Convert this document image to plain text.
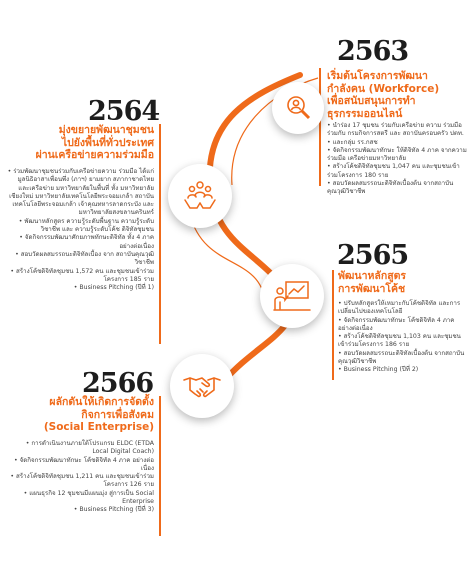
2563
เริ่มต้นโครงการพัฒนา
กำลังคน (Workforce)
เพื่อสนับสนุนการทำ
ธุรกรรมออนไลน์
• นำร่อง 17 ชุมชน ร่วมกับเครือข่าย ความ ร่วมมือร่วมกับ กรมกิจการสตรี และ สถาบันครอบครัว ปตท.
• และกลุ่ม รร.กสช
• จัดกิจกรรมพัฒนาทักษะ ให้ดิจิทัล 4 ภาค จากความร่วมมือ เครือข่ายมหาวิทยาลัย
• สร้างโค้ชดิจิทัลชุมชน 1,047 คน และชุมชนเข้าร่วมโครงการ 180 ราย
• สอบวัดผลสมรรถนะดิจิทัลเบื้องต้น จากสถาบันคุณวุฒิวิชาชีพ
2564
มุ่งขยายพัฒนาชุมชน
ไปยังพื้นที่ทั่วประเทศ
ผ่านเครือข่ายความร่วมมือ
• ร่วมพัฒนาชุมชนร่วมกับเครือข่ายความ ร่วมมือ ได้แก่ มูลนิธิอาสาเพื่อนพึ่ง (ภาฯ) ยามยาก สภากาชาดไทย และเครือข่าย มหาวิทยาลัยในพื้นที่ ทั้ง มหาวิทยาลัยเชียงใหม่ มหาวิทยาลัยเทคโนโลยีพระจอมเกล้า สถาบันเทคโนโลยีพระจอมเกล้า เจ้าคุณทหารลาดกระบัง และมหาวิทยาลัยสงขลานครินทร์
• พัฒนาหลักสูตร ความรู้ระดับพื้นฐาน ความรู้ระดับวิชาชีพ และ ความรู้ระดับโค้ช ดิจิทัลชุมชน
• จัดกิจกรรมพัฒนาศักยภาพทักษะดิจิทัล ทั้ง 4 ภาค อย่างต่อเนื่อง
• สอบวัดผลสมรรถนะดิจิทัลเบื้อง จาก สถาบันคุณวุฒิวิชาชีพ
• สร้างโค้ชดิจิทัลชุมชน 1,572 คน และชุมชนเข้าร่วมโครงการ 185 ราย
• Business Pitching (ปีที่ 1)
2565
พัฒนาหลักสูตร
การพัฒนาโค้ช
• ปรับหลักสูตรให้เหมาะกับโค้ชดิจิทัล และการเปลี่ยนไปของเทคโนโลยี
• จัดกิจกรรมพัฒนาทักษะ โค้ชดิจิทัล 4 ภาค อย่างต่อเนื่อง
• สร้างโค้ชดิจิทัลชุมชน 1,103 คน และชุมชนเข้าร่วมโครงการ 186 ราย
• สอบวัดผลสมรรถนะดิจิทัลเบื้องต้น จากสถาบันคุณวุฒิวิชาชีพ
• Business Pitching (ปีที่ 2)
2566
ผลักดันให้เกิดการจัดตั้ง
กิจการเพื่อสังคม
(Social Enterprise)
• การดำเนินงานภายใต้โปรแกรม ELDC (ETDA Local Digital Coach)
• จัดกิจกรรมพัฒนาทักษะ โค้ชดิจิทัล 4 ภาค อย่างต่อเนื่อง
• สร้างโค้ชดิจิทัลชุมชน 1,211 คน และชุมชนเข้าร่วมโครงการ 126 ราย
• แผนธุรกิจ 12 ชุมชนมีแผนมุ่ง สู่การเป็น Social Enterprise
• Business Pitching (ปีที่ 3)
